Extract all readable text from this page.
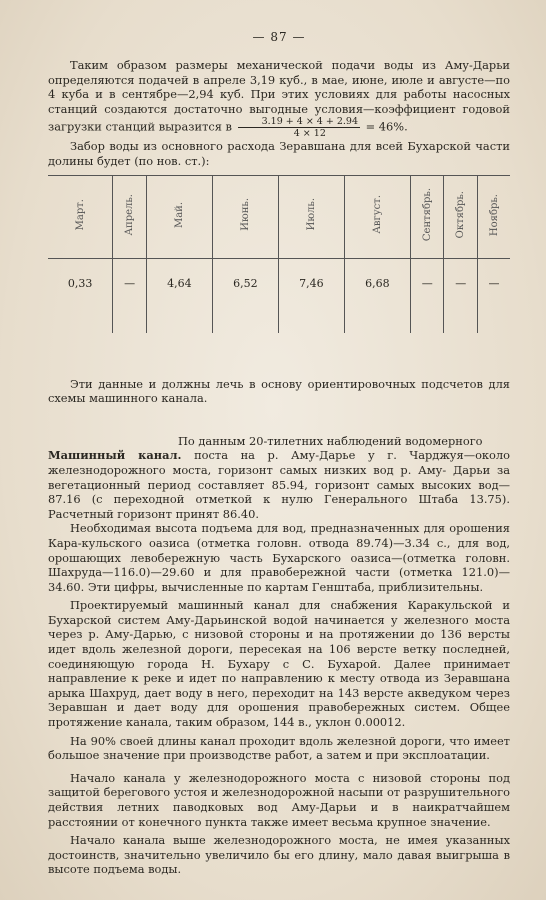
— 87 —

Таким образом размеры механической подачи воды из Аму-Дарьи определяются подачей в апреле 3,19 куб., в мае, июне, июле и августе—по 4 куба и в сентябре—2,94 куб. При этих условиях для работы насосных станций создаются достаточно выгодные условия—коэффициент годовой загрузки станций выразится в $\frac{3.19 + 4 \times 4 + 2.94}{4 \times 12} = 46\%$.

Забор воды из основного расхода Зеравшана для всей Бухарской части долины будет (по нов. ст.):

Март.	Апрель.	Май.	Июнь.	Июль.	Август.	Сентябрь.	Октябрь.	Ноябрь.
0,33	—	4,64	6,52	7,46	6,68	—	—	—

Эти данные и должны лечь в основу ориентировочных подсчетов для схемы машинного канала.

По данным 20-тилетних наблюдений водомерного

Машинный канал. поста на р. Аму-Дарье у г. Чарджуя—около железнодорожного моста, горизонт самых низких вод р. Аму- Дарьи за вегетационный период составляет 85.94, горизонт самых высоких вод—87.16 (с переходной отметкой к нулю Генерального Штаба 13.75). Расчетный горизонт принят 86.40.

Необходимая высота подъема для вод, предназначенных для орошения Кара-кульского оазиса (отметка головн. отвода 89.74)—3.34 с., для вод, орошающих левобережную часть Бухарского оазиса—(отметка головн. Шахруда—116.0)—29.60 и для правобережной части (отметка 121.0)—34.60. Эти цифры, вычисленные по картам Генштаба, приблизительны.

Проектируемый машинный канал для снабжения Каракульской и Бухарской систем Аму-Дарьинской водой начинается у железного моста через р. Аму-Дарью, с низовой стороны и на протяжении до 136 версты идет вдоль железной дороги, пересекая на 106 версте ветку последней, соединяющую города Н. Бухару с С. Бухарой. Далее принимает направление к реке и идет по направлению к месту отвода из Зеравшана арыка Шахруд, дает воду в него, переходит на 143 версте акведуком через Зеравшан и дает воду для орошения правобережных систем. Общее протяжение канала, таким образом, 144 в., уклон 0.00012.

На 90% своей длины канал проходит вдоль железной дороги, что имеет большое значение при производстве работ, а затем и при эксплоатации.

Начало канала у железнодорожного моста с низовой стороны под защитой берегового устоя и железнодорожной насыпи от разрушительного действия летних паводковых вод Аму-Дарьи и в наикратчайшем расстоянии от конечного пункта также имеет весьма крупное значение.

Начало канала выше железнодорожного моста, не имея указанных достоинств, значительно увеличило бы его длину, мало давая выигрыша в высоте подъема воды.
